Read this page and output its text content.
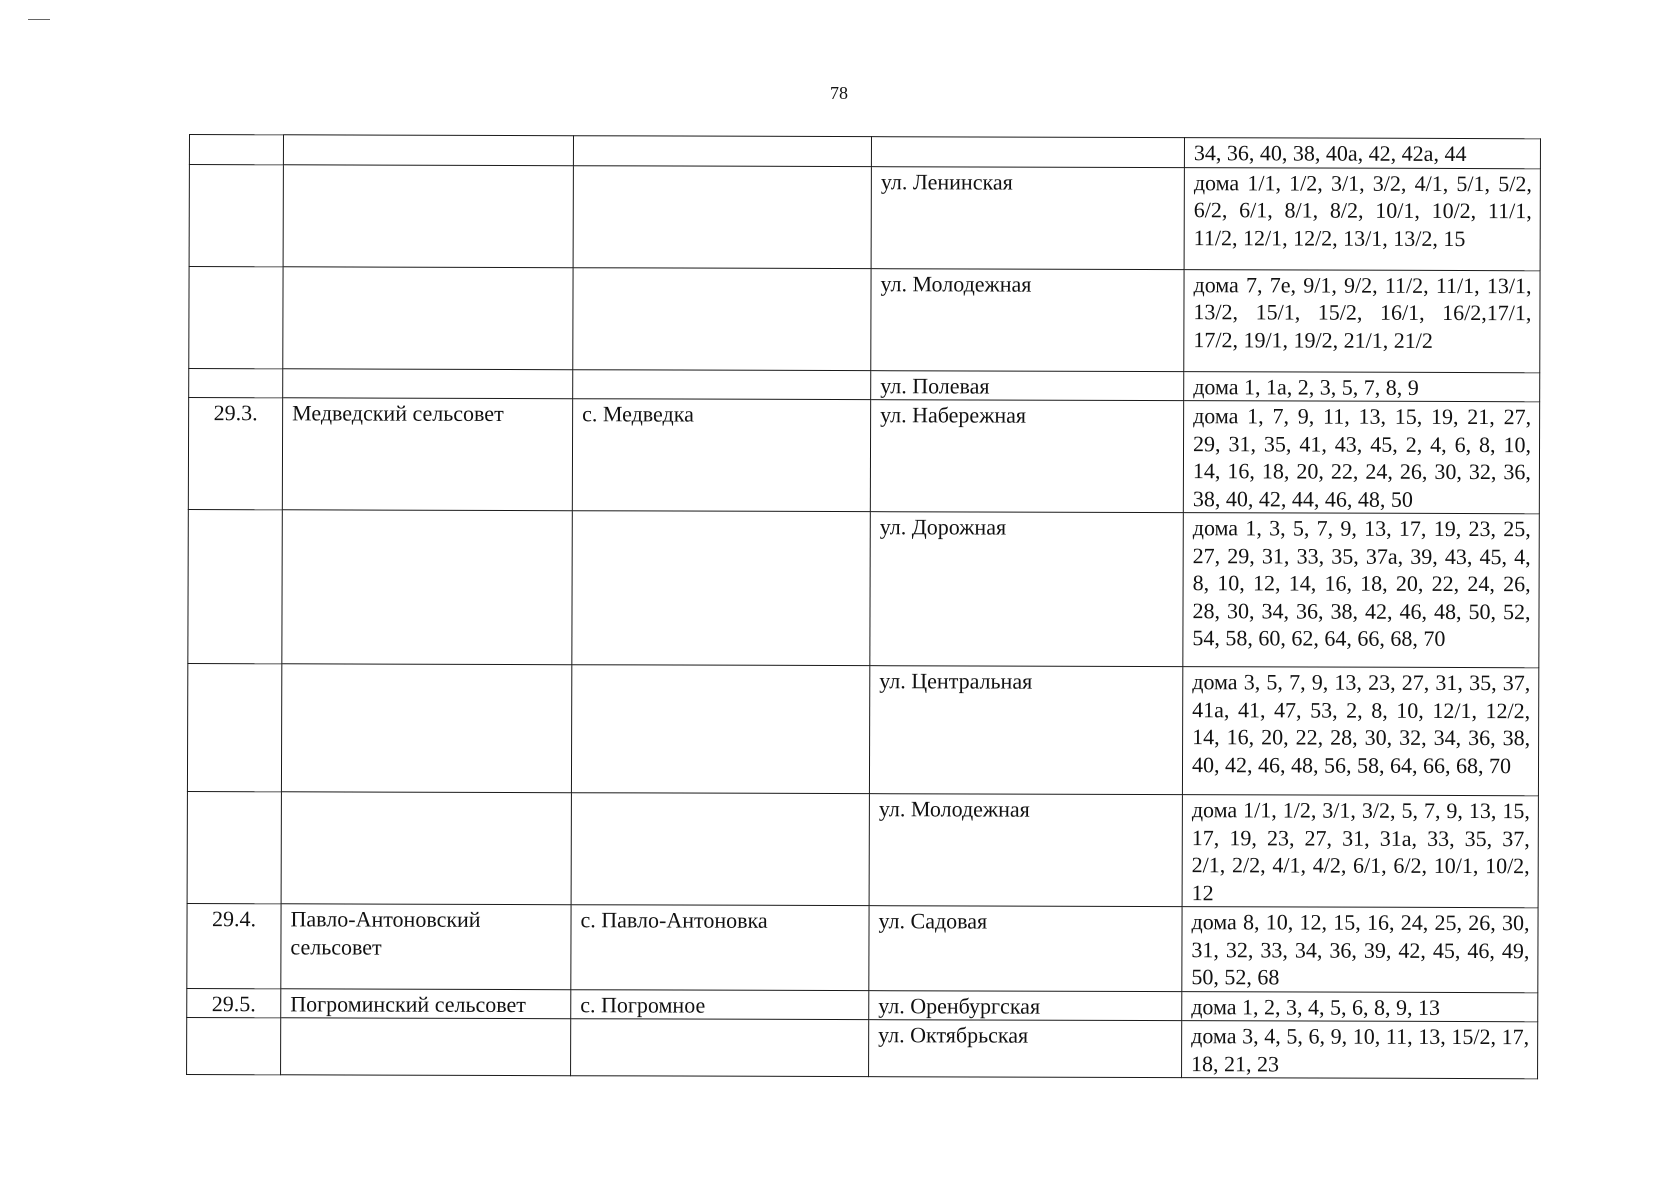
78

				34, 36, 40, 38, 40а, 42, 42а, 44

			ул. Ленинская	дома 1/1, 1/2, 3/1, 3/2, 4/1, 5/1, 5/2, 6/2, 6/1, 8/1, 8/2, 10/1, 10/2, 11/1, 11/2, 12/1, 12/2, 13/1, 13/2, 15

			ул. Молодежная	дома 7, 7е, 9/1, 9/2, 11/2, 11/1, 13/1, 13/2, 15/1, 15/2, 16/1, 16/2,17/1, 17/2, 19/1, 19/2, 21/1, 21/2

			ул. Полевая	дома 1, 1а, 2, 3, 5, 7, 8, 9

29.3.	Медведский сельсовет	с. Медведка	ул. Набережная	дома 1, 7, 9, 11, 13, 15, 19, 21, 27, 29, 31, 35, 41, 43, 45, 2, 4, 6, 8, 10, 14, 16, 18, 20, 22, 24, 26, 30, 32, 36, 38, 40, 42, 44, 46, 48, 50

			ул. Дорожная	дома 1, 3, 5, 7, 9, 13, 17, 19, 23, 25, 27, 29, 31, 33, 35, 37а, 39, 43, 45, 4, 8, 10, 12, 14, 16, 18, 20, 22, 24, 26, 28, 30, 34, 36, 38, 42, 46, 48, 50, 52, 54, 58, 60, 62, 64, 66, 68, 70

			ул. Центральная	дома 3, 5, 7, 9, 13, 23, 27, 31, 35, 37, 41а, 41, 47, 53, 2, 8, 10, 12/1, 12/2, 14, 16, 20, 22, 28, 30, 32, 34, 36, 38, 40, 42, 46, 48, 56, 58, 64, 66, 68, 70

			ул. Молодежная	дома 1/1, 1/2, 3/1, 3/2, 5, 7, 9, 13, 15, 17, 19, 23, 27, 31, 31а, 33, 35, 37, 2/1, 2/2, 4/1, 4/2, 6/1, 6/2, 10/1, 10/2, 12

29.4.	Павло-Антоновский сельсовет	с. Павло-Антоновка	ул. Садовая	дома 8, 10, 12, 15, 16, 24, 25, 26, 30, 31, 32, 33, 34, 36, 39, 42, 45, 46, 49, 50, 52, 68

29.5.	Погроминский сельсовет	с. Погромное	ул. Оренбургская	дома 1, 2, 3, 4, 5, 6, 8, 9, 13

			ул. Октябрьская	дома 3, 4, 5, 6, 9, 10, 11, 13, 15/2, 17, 18, 21, 23
